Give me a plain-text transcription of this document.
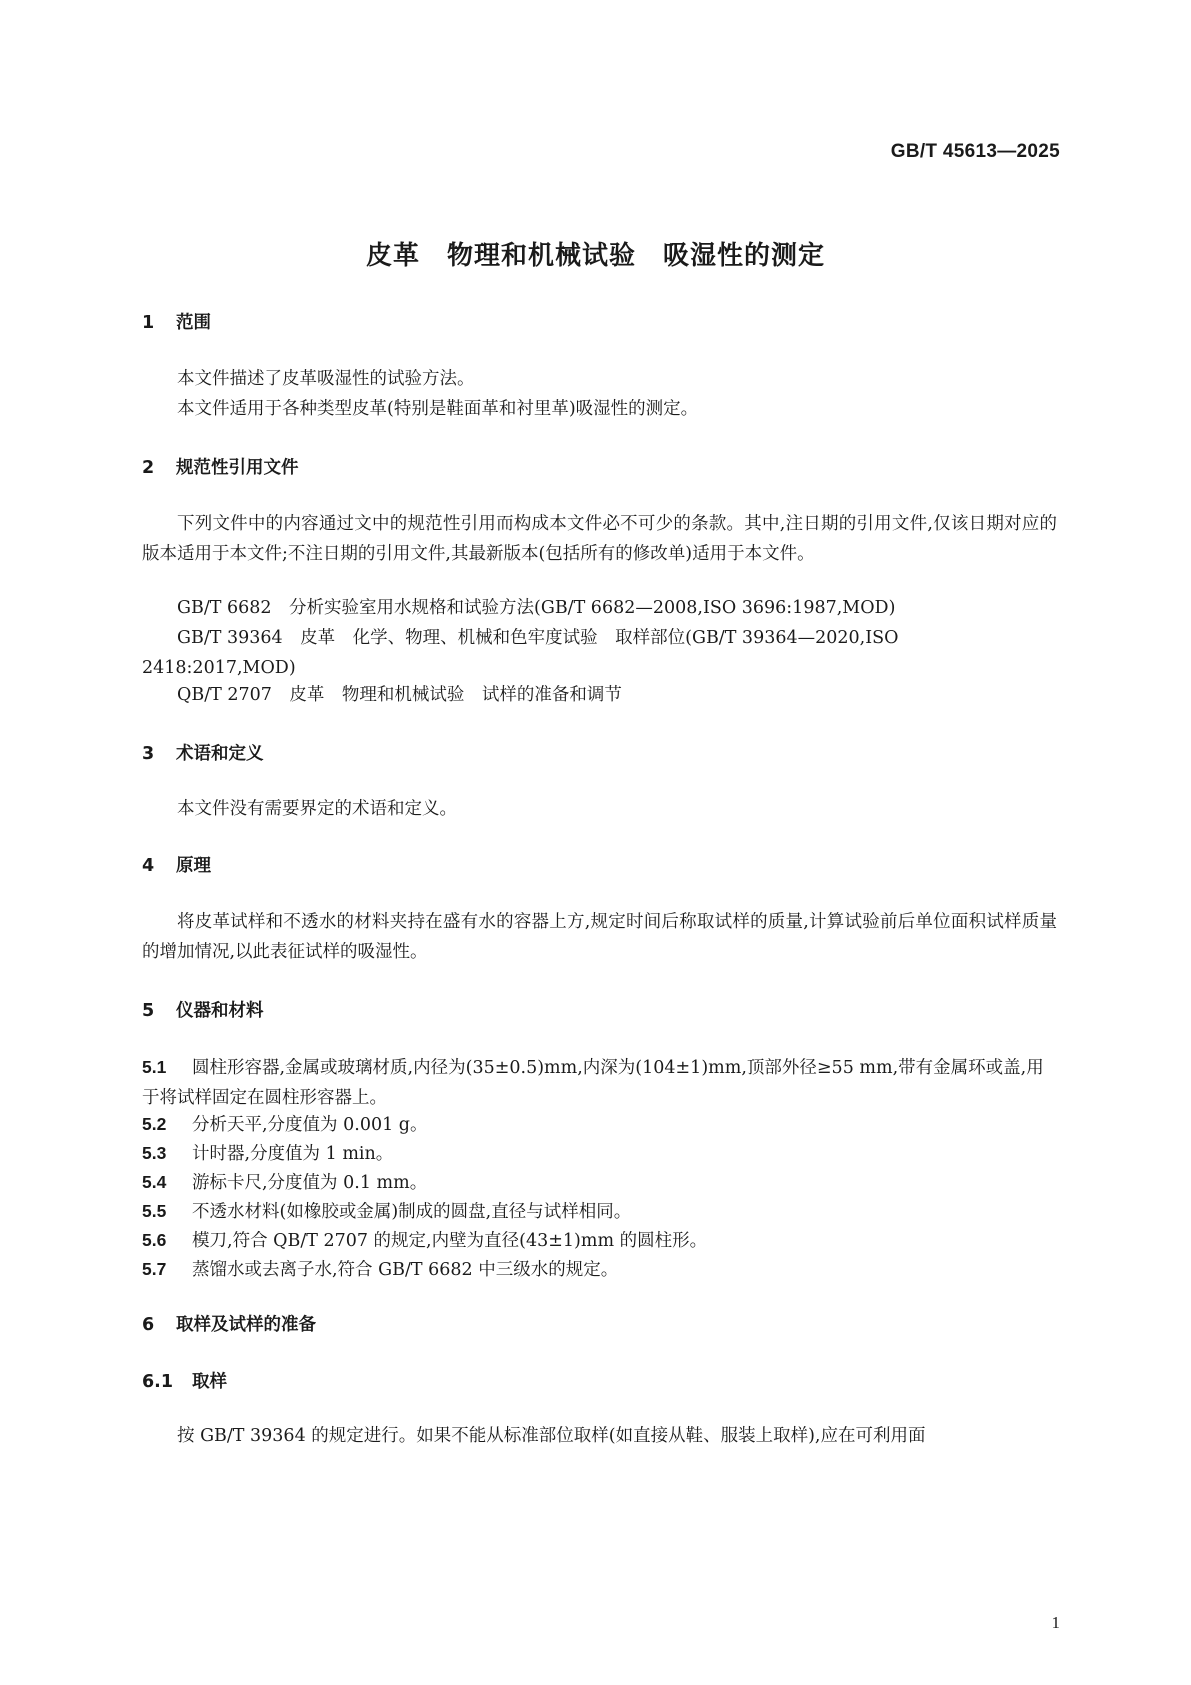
GB/T 45613—2025
皮革　物理和机械试验　吸湿性的测定
1 范围
本文件描述了皮革吸湿性的试验方法。
本文件适用于各种类型皮革(特别是鞋面革和衬里革)吸湿性的测定。
2 规范性引用文件
下列文件中的内容通过文中的规范性引用而构成本文件必不可少的条款。其中,注日期的引用文件,仅该日期对应的版本适用于本文件;不注日期的引用文件,其最新版本(包括所有的修改单)适用于本文件。
GB/T 6682　分析实验室用水规格和试验方法(GB/T 6682—2008,ISO 3696:1987,MOD)
GB/T 39364　皮革　化学、物理、机械和色牢度试验　取样部位(GB/T 39364—2020,ISO 2418:2017,MOD)
QB/T 2707　皮革　物理和机械试验　试样的准备和调节
3 术语和定义
本文件没有需要界定的术语和定义。
4 原理
将皮革试样和不透水的材料夹持在盛有水的容器上方,规定时间后称取试样的质量,计算试验前后单位面积试样质量的增加情况,以此表征试样的吸湿性。
5 仪器和材料
5.1 圆柱形容器,金属或玻璃材质,内径为(35±0.5)mm,内深为(104±1)mm,顶部外径≥55 mm,带有金属环或盖,用于将试样固定在圆柱形容器上。
5.2 分析天平,分度值为 0.001 g。
5.3 计时器,分度值为 1 min。
5.4 游标卡尺,分度值为 0.1 mm。
5.5 不透水材料(如橡胶或金属)制成的圆盘,直径与试样相同。
5.6 模刀,符合 QB/T 2707 的规定,内壁为直径(43±1)mm 的圆柱形。
5.7 蒸馏水或去离子水,符合 GB/T 6682 中三级水的规定。
6 取样及试样的准备
6.1 取样
按 GB/T 39364 的规定进行。如果不能从标准部位取样(如直接从鞋、服装上取样),应在可利用面
1
